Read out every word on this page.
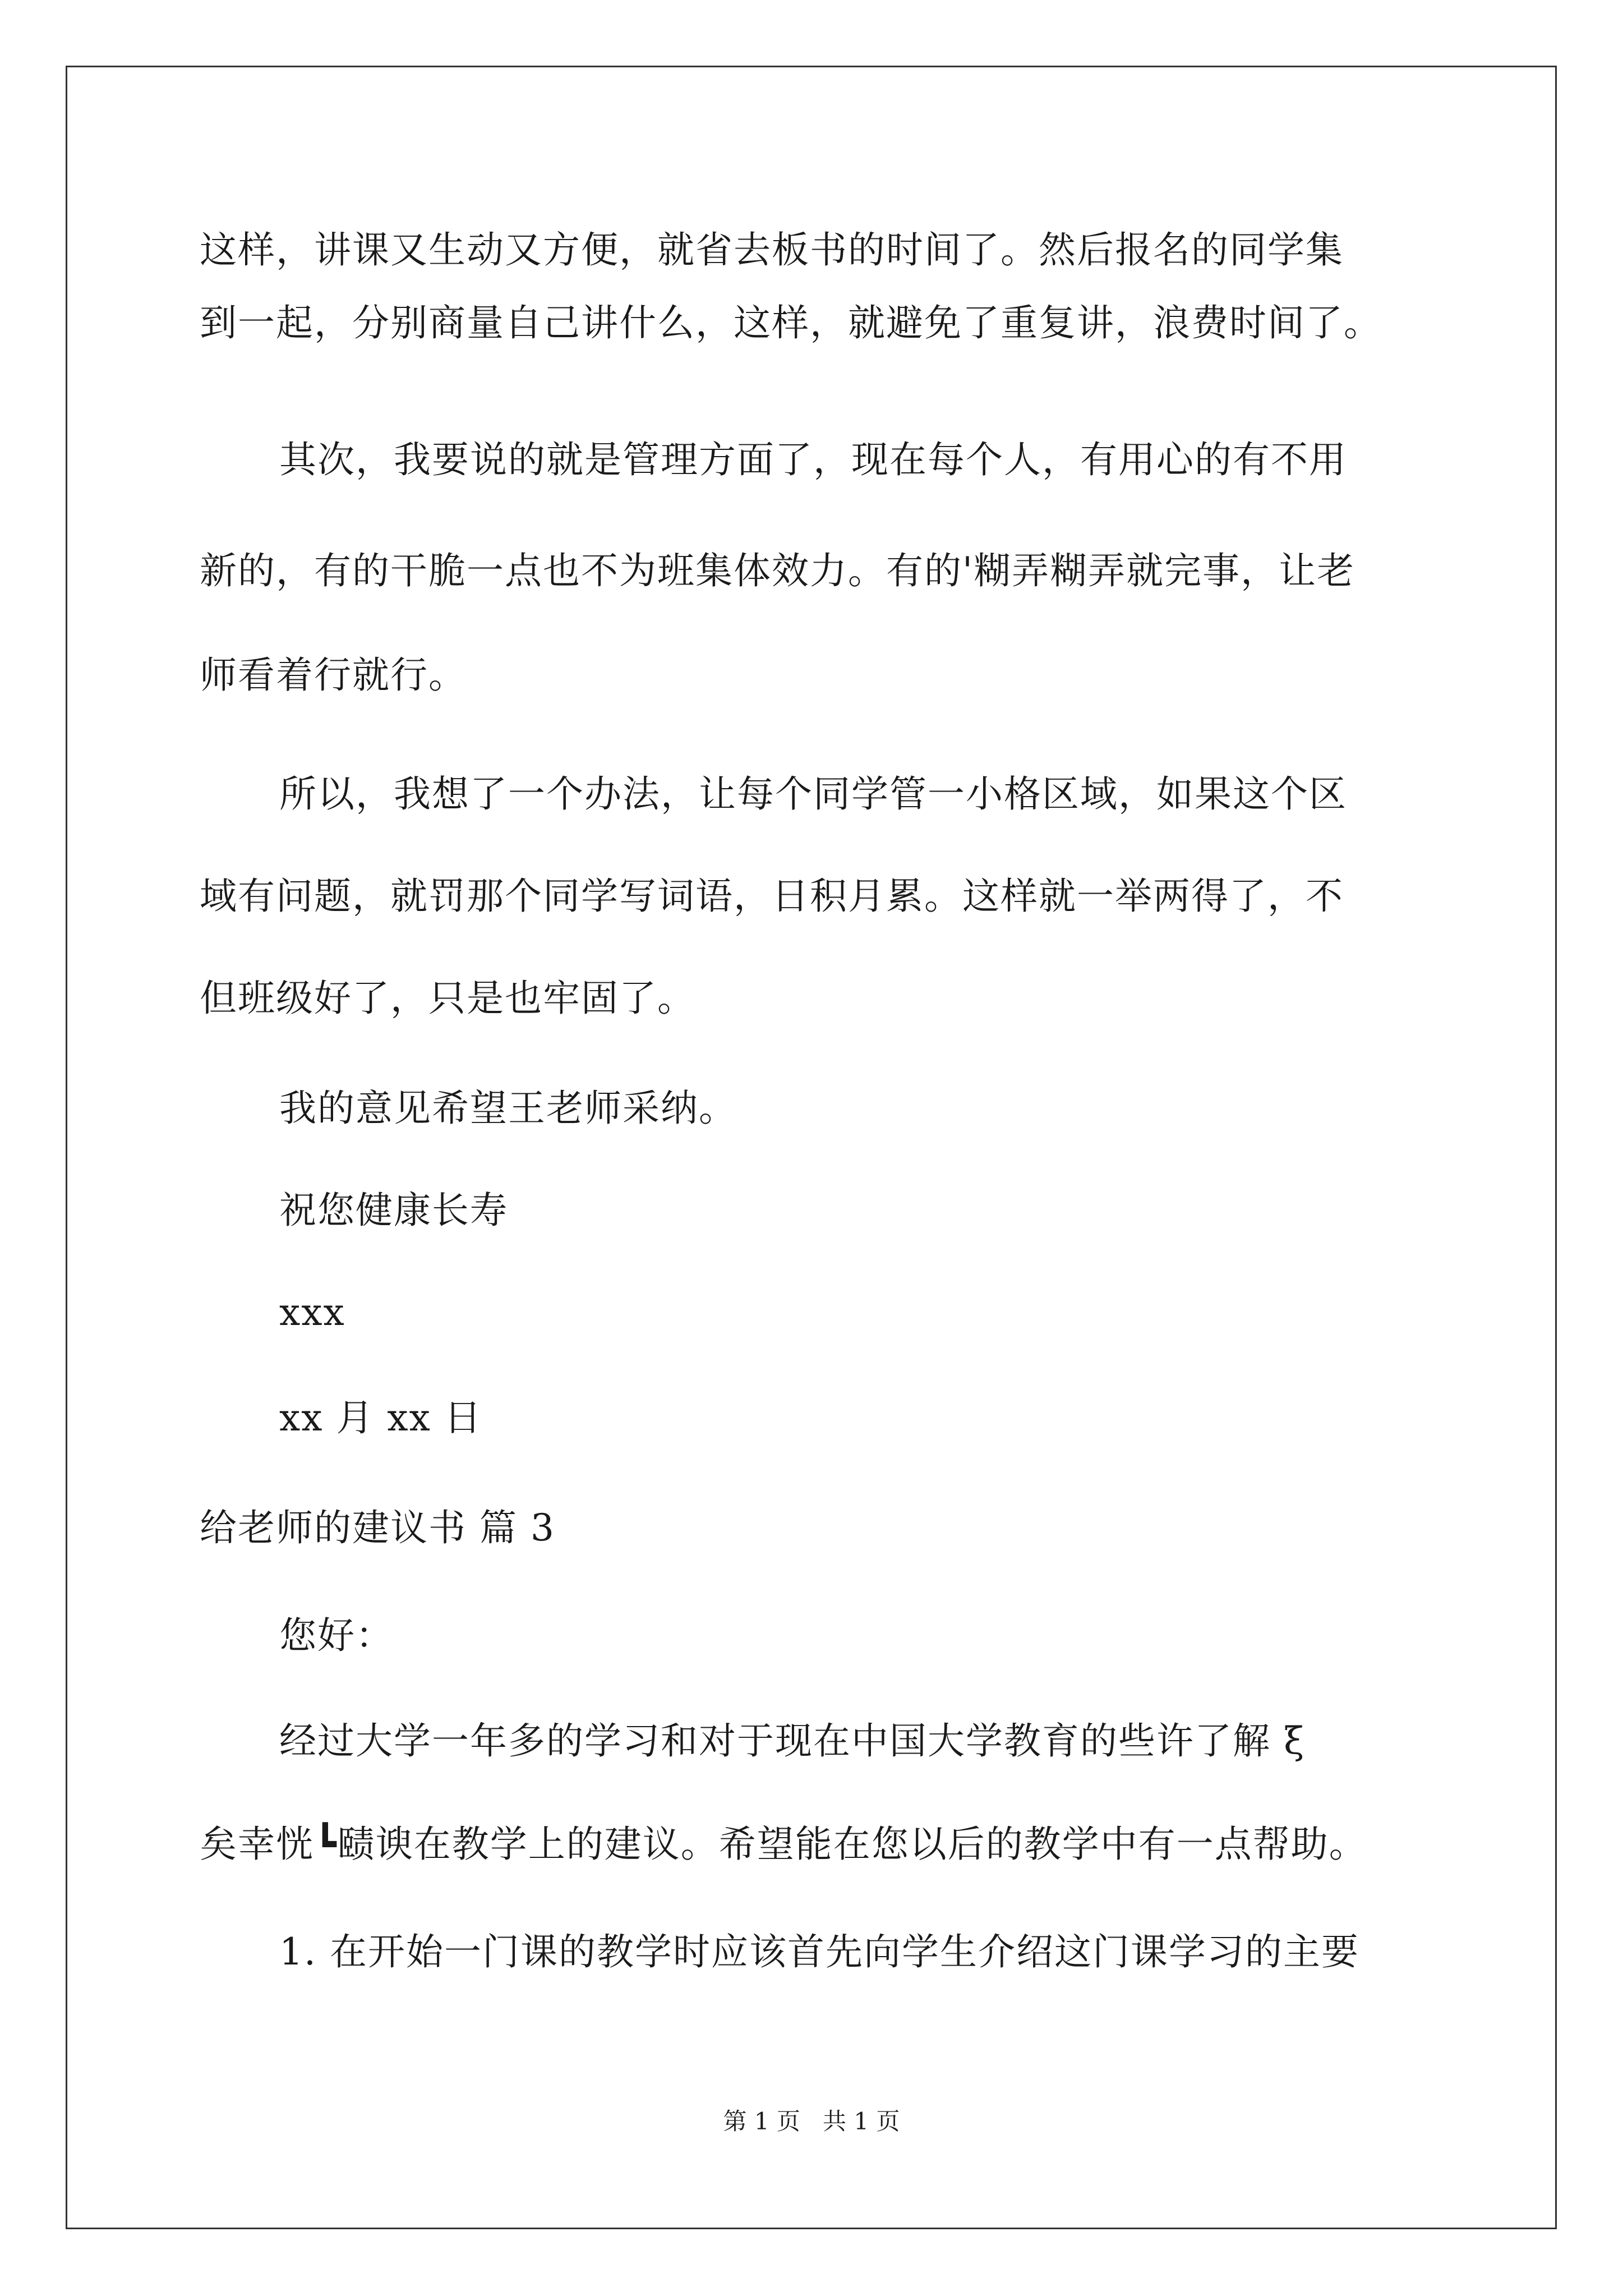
这样，讲课又生动又方便，就省去板书的时间了。然后报名的同学集
到一起，分别商量自己讲什么，这样，就避免了重复讲，浪费时间了。
其次，我要说的就是管理方面了，现在每个人，有用心的有不用
新的，有的干脆一点也不为班集体效力。有的'糊弄糊弄就完事，让老
师看着行就行。
所以，我想了一个办法，让每个同学管一小格区域，如果这个区
域有问题，就罚那个同学写词语，日积月累。这样就一举两得了，不
但班级好了，只是也牢固了。
我的意见希望王老师采纳。
祝您健康长寿
xxx
xx 月 xx 日
给老师的建议书 篇 3
您好：
经过大学一年多的学习和对于现在中国大学教育的些许了解 ξ
矣幸恍┗赜谀在教学上的建议。希望能在您以后的教学中有一点帮助。
1. 在开始一门课的教学时应该首先向学生介绍这门课学习的主要
第 1 页   共 1 页
